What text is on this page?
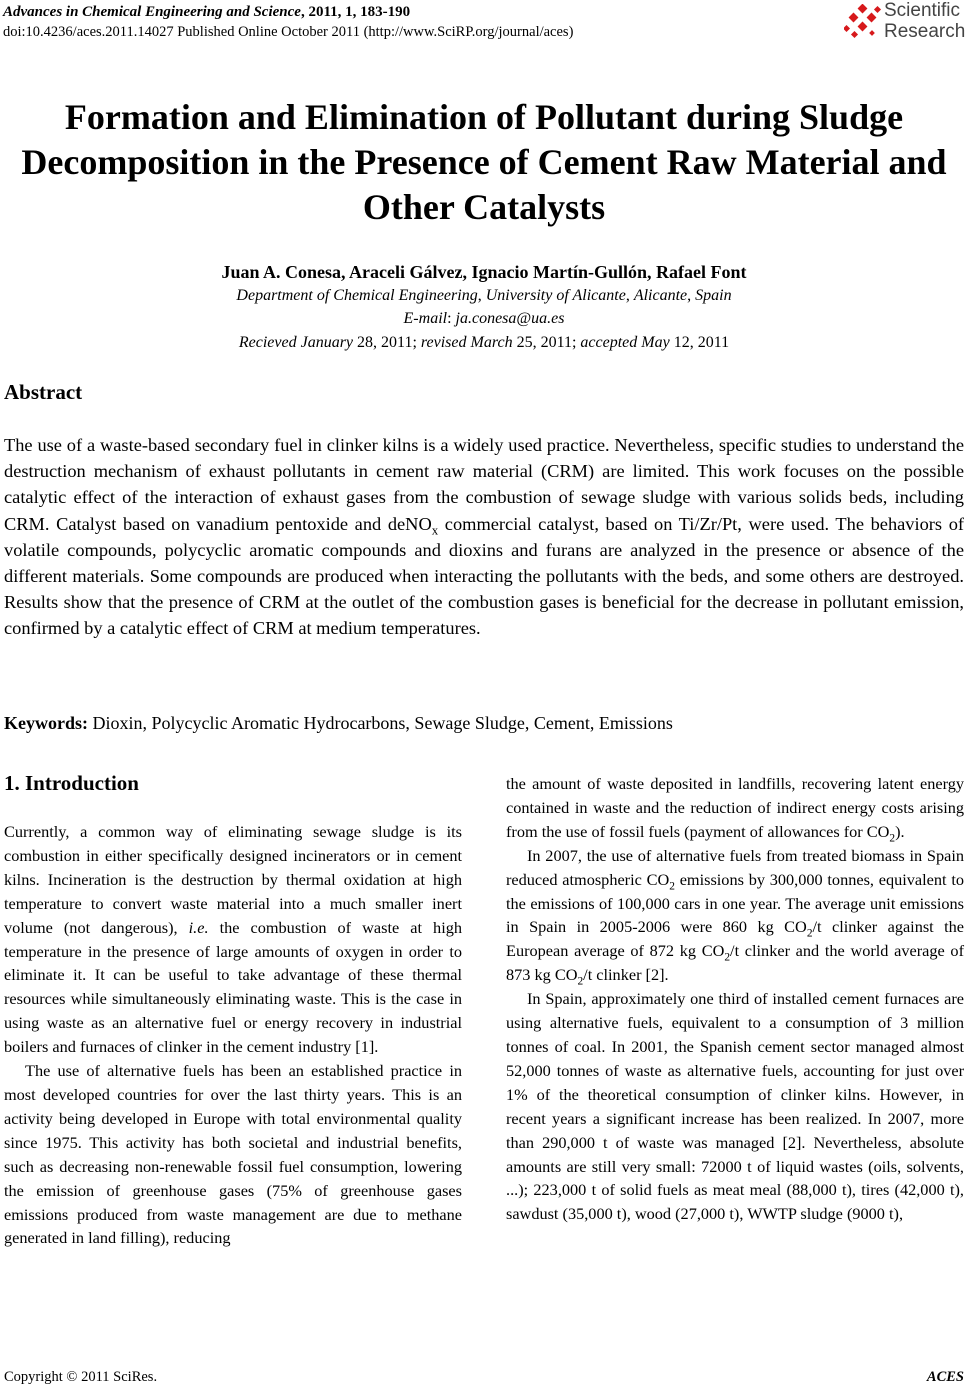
Advances in Chemical Engineering and Science, 2011, 1, 183-190
doi:10.4236/aces.2011.14027 Published Online October 2011 (http://www.SciRP.org/journal/aces)
Scientific
Research
Formation and Elimination of Pollutant during Sludge Decomposition in the Presence of Cement Raw Material and Other Catalysts
Juan A. Conesa, Araceli Gálvez, Ignacio Martín-Gullón, Rafael Font
Department of Chemical Engineering, University of Alicante, Alicante, Spain
E-mail: ja.conesa@ua.es
Recieved January 28, 2011; revised March 25, 2011; accepted May 12, 2011
Abstract
The use of a waste-based secondary fuel in clinker kilns is a widely used practice. Nevertheless, specific studies to understand the destruction mechanism of exhaust pollutants in cement raw material (CRM) are limited. This work focuses on the possible catalytic effect of the interaction of exhaust gases from the combustion of sewage sludge with various solids beds, including CRM. Catalyst based on vanadium pentoxide and deNO$_x$ commercial catalyst, based on Ti/Zr/Pt, were used. The behaviors of volatile compounds, polycyclic aromatic compounds and dioxins and furans are analyzed in the presence or absence of the different materials. Some compounds are produced when interacting the pollutants with the beds, and some others are destroyed. Results show that the presence of CRM at the outlet of the combustion gases is beneficial for the decrease in pollutant emission, confirmed by a catalytic effect of CRM at medium temperatures.
Keywords: Dioxin, Polycyclic Aromatic Hydrocarbons, Sewage Sludge, Cement, Emissions
1. Introduction

Currently, a common way of eliminating sewage sludge is its combustion in either specifically designed incinerators or in cement kilns. Incineration is the destruction by thermal oxidation at high temperature to convert waste material into a much smaller inert volume (not dangerous), i.e. the combustion of waste at high temperature in the presence of large amounts of oxygen in order to eliminate it. It can be useful to take advantage of these thermal resources while simultaneously eliminating waste. This is the case in using waste as an alternative fuel or energy recovery in industrial boilers and furnaces of clinker in the cement industry [1].

The use of alternative fuels has been an established practice in most developed countries for over the last thirty years. This is an activity being developed in Europe with total environmental quality since 1975. This activity has both societal and industrial benefits, such as decreasing non-renewable fossil fuel consumption, lowering the emission of greenhouse gases (75% of greenhouse gases emissions produced from waste management are due to methane generated in land filling), reducing

the amount of waste deposited in landfills, recovering latent energy contained in waste and the reduction of indirect energy costs arising from the use of fossil fuels (payment of allowances for $CO_2$).

In 2007, the use of alternative fuels from treated biomass in Spain reduced atmospheric $CO_2$ emissions by 300,000 tonnes, equivalent to the emissions of 100,000 cars in one year. The average unit emissions in Spain in 2005-2006 were 860 kg $CO_2/t$ clinker against the European average of 872 kg $CO_2/t$ clinker and the world average of 873 kg $CO_2/t$ clinker [2].

In Spain, approximately one third of installed cement furnaces are using alternative fuels, equivalent to a consumption of 3 million tonnes of coal. In 2001, the Spanish cement sector managed almost 52,000 tonnes of waste as alternative fuels, accounting for just over 1% of the theoretical consumption of clinker kilns. However, in recent years a significant increase has been realized. In 2007, more than 290,000 t of waste was managed [2]. Nevertheless, absolute amounts are still very small: 72000 t of liquid wastes (oils, solvents, ...); 223,000 t of solid fuels as meat meal (88,000 t), tires (42,000 t), sawdust (35,000 t), wood (27,000 t), WWTP sludge (9000 t),

Copyright © 2011 SciRes.	ACES
